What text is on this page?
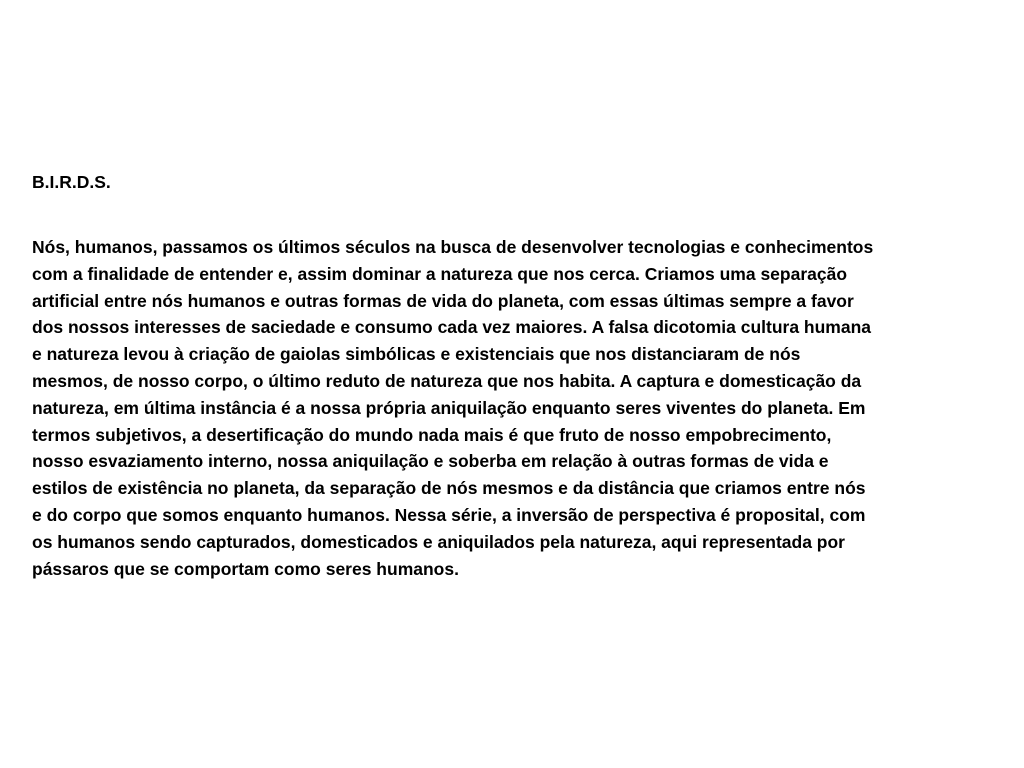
B.I.R.D.S.
Nós, humanos, passamos os últimos séculos na busca de desenvolver tecnologias e conhecimentos
com a finalidade de entender e, assim dominar a natureza que nos cerca. Criamos uma separação
artificial entre nós humanos e outras formas de vida do planeta, com essas últimas sempre a favor
dos nossos interesses de saciedade e consumo cada vez maiores. A falsa dicotomia cultura humana
e natureza levou à criação de gaiolas simbólicas e existenciais que nos distanciaram de nós
mesmos, de nosso corpo, o último reduto de natureza que nos habita. A captura e domesticação da
natureza, em última instância é a nossa própria aniquilação enquanto seres viventes do planeta. Em
termos subjetivos, a desertificação do mundo nada mais é que fruto de nosso empobrecimento,
nosso esvaziamento interno, nossa aniquilação e soberba em relação à outras formas de vida e
estilos de existência no planeta, da separação de nós mesmos e da distância que criamos entre nós
e do corpo que somos enquanto humanos. Nessa série, a inversão de perspectiva é proposital, com
os humanos sendo capturados, domesticados e aniquilados pela natureza, aqui representada por
pássaros que se comportam como seres humanos.
